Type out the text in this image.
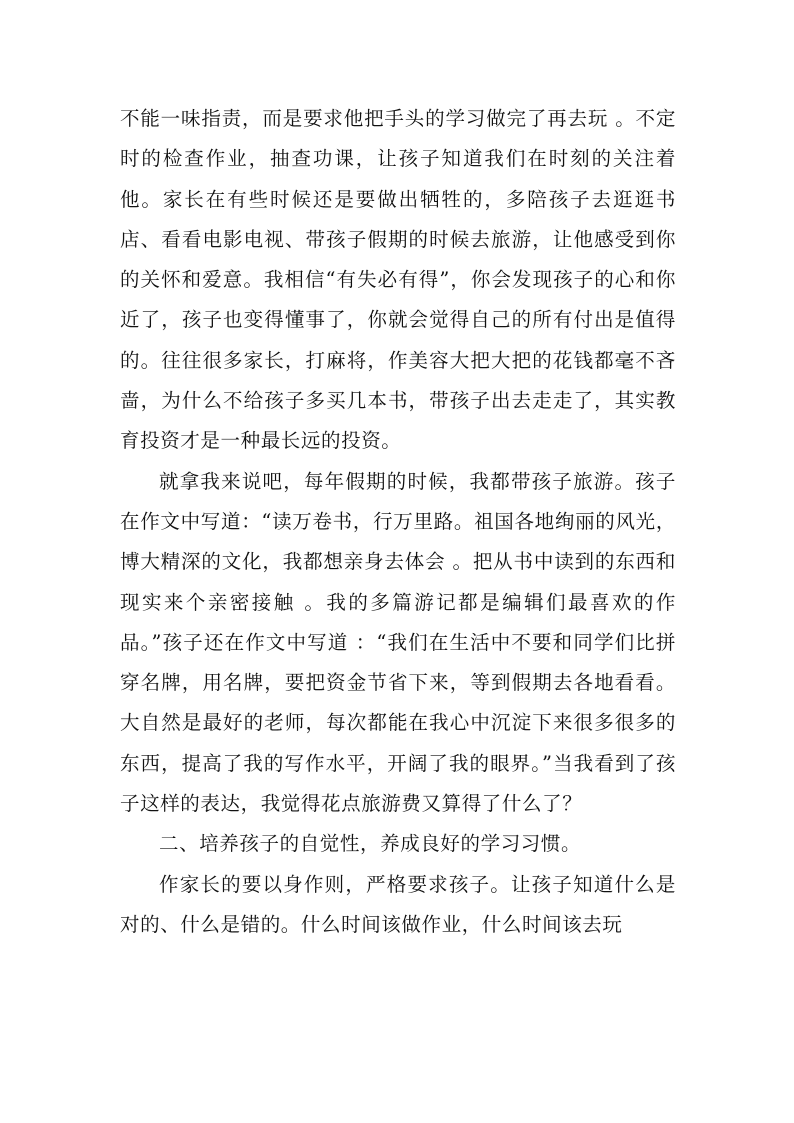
不能一味指责，而是要求他把手头的学习做完了再去玩 。不定时的检查作业，抽查功课，让孩子知道我们在时刻的关注着他。家长在有些时候还是要做出牺牲的，多陪孩子去逛逛书店、看看电影电视、带孩子假期的时候去旅游，让他感受到你的关怀和爱意。我相信“有失必有得”，你会发现孩子的心和你近了，孩子也变得懂事了，你就会觉得自己的所有付出是值得的。往往很多家长，打麻将，作美容大把大把的花钱都毫不吝啬，为什么不给孩子多买几本书，带孩子出去走走了，其实教育投资才是一种最长远的投资。

就拿我来说吧，每年假期的时候，我都带孩子旅游。孩子在作文中写道：“读万卷书，行万里路。祖国各地绚丽的风光，博大精深的文化，我都想亲身去体会 。把从书中读到的东西和现实来个亲密接触 。我的多篇游记都是编辑们最喜欢的作品。”孩子还在作文中写道 ：“我们在生活中不要和同学们比拼穿名牌，用名牌，要把资金节省下来，等到假期去各地看看。大自然是最好的老师，每次都能在我心中沉淀下来很多很多的东西，提高了我的写作水平，开阔了我的眼界。”当我看到了孩子这样的表达，我觉得花点旅游费又算得了什么了？

二、培养孩子的自觉性，养成良好的学习习惯。

作家长的要以身作则，严格要求孩子。让孩子知道什么是对的、什么是错的。什么时间该做作业，什么时间该去玩
